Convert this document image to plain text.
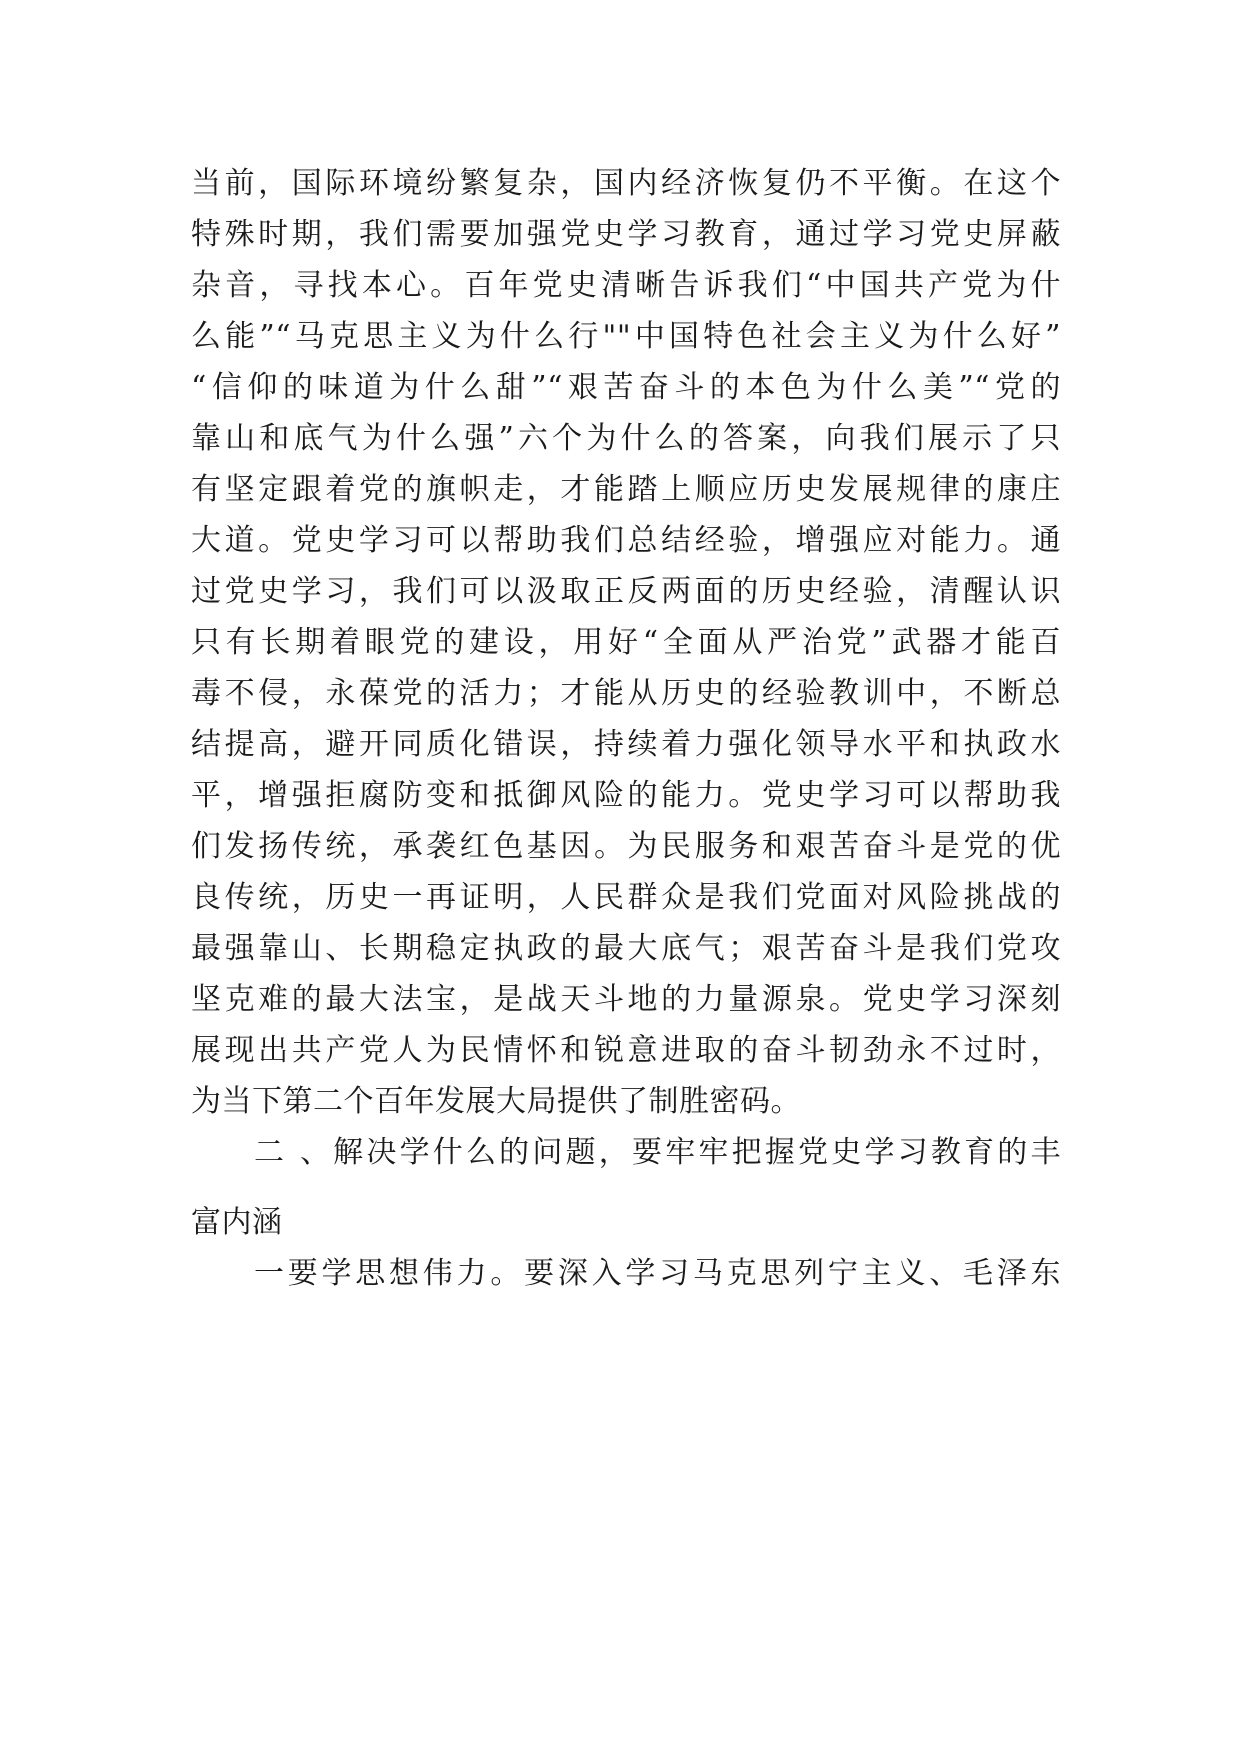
当前，国际环境纷繁复杂，国内经济恢复仍不平衡。在这个
特殊时期，我们需要加强党史学习教育，通过学习党史屏蔽
杂音，寻找本心。百年党史清晰告诉我们“中国共产党为什
么能”“马克思主义为什么行""中国特色社会主义为什么好”
“信仰的味道为什么甜”“艰苦奋斗的本色为什么美”“党的
靠山和底气为什么强”六个为什么的答案，向我们展示了只
有坚定跟着党的旗帜走，才能踏上顺应历史发展规律的康庄
大道。党史学习可以帮助我们总结经验，增强应对能力。通
过党史学习，我们可以汲取正反两面的历史经验，清醒认识
只有长期着眼党的建设，用好“全面从严治党”武器才能百
毒不侵，永葆党的活力；才能从历史的经验教训中，不断总
结提高，避开同质化错误，持续着力强化领导水平和执政水
平，增强拒腐防变和抵御风险的能力。党史学习可以帮助我
们发扬传统，承袭红色基因。为民服务和艰苦奋斗是党的优
良传统，历史一再证明，人民群众是我们党面对风险挑战的
最强靠山、长期稳定执政的最大底气；艰苦奋斗是我们党攻
坚克难的最大法宝，是战天斗地的力量源泉。党史学习深刻
展现出共产党人为民情怀和锐意进取的奋斗韧劲永不过时，
为当下第二个百年发展大局提供了制胜密码。
二 、解决学什么的问题，要牢牢把握党史学习教育的丰
富内涵
一要学思想伟力。要深入学习马克思列宁主义、毛泽东
